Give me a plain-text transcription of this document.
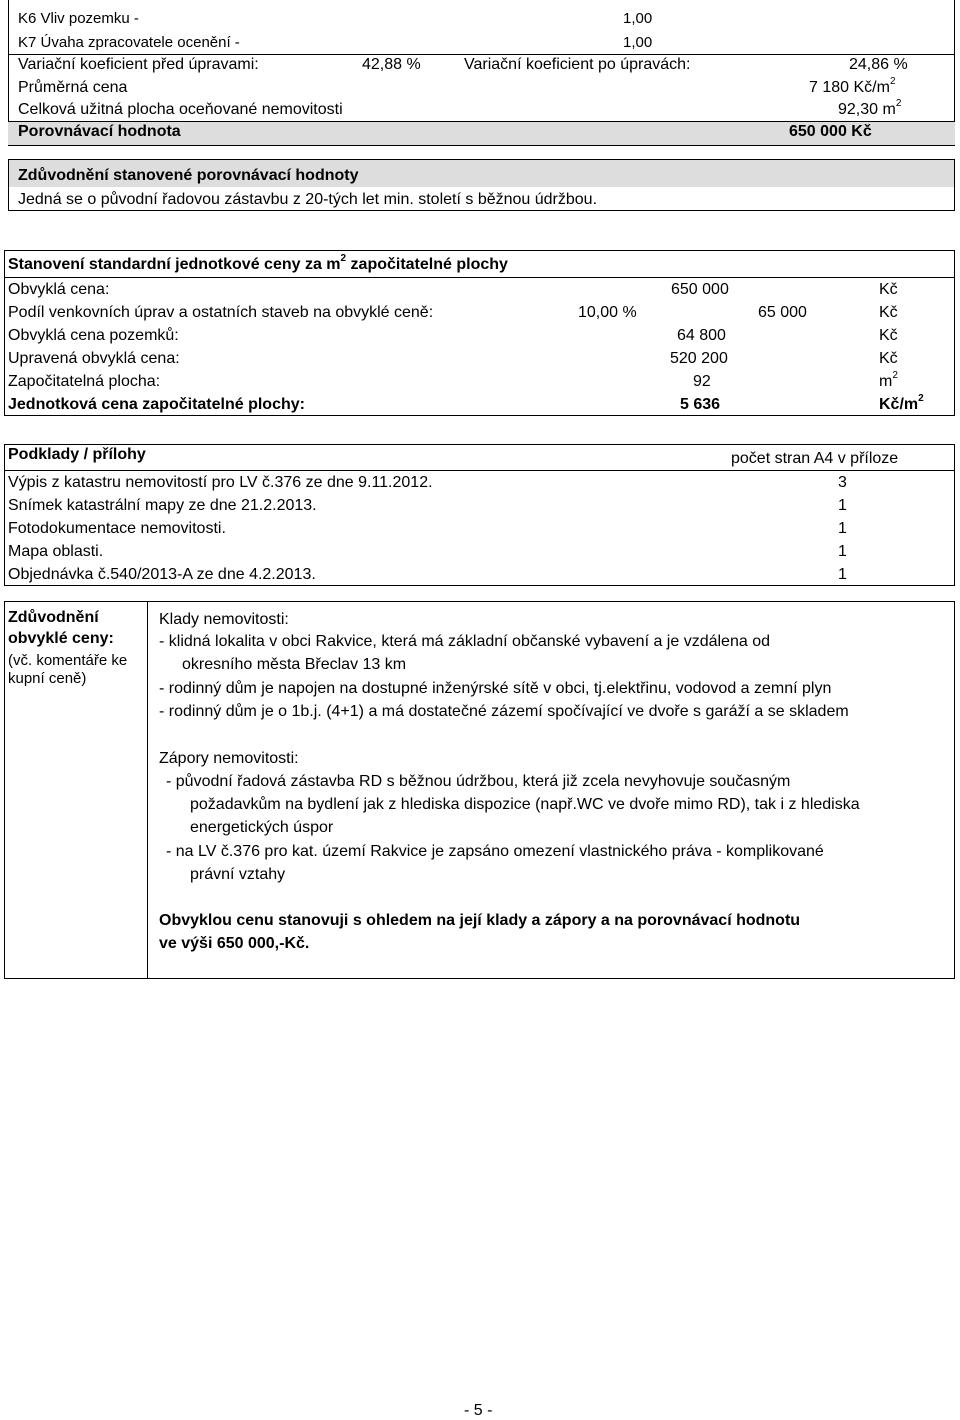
K6 Vliv pozemku -	1,00
K7 Úvaha zpracovatele ocenění -	1,00
Variační koeficient před úpravami:	42,88 %	Variační koeficient po úpravách:	24,86 %
Průměrná cena	7 180 $Kč/m^2$
Celková užitná plocha oceňované nemovitosti	92,30 $m^2$
Porovnávací hodnota	650 000 Kč
Zdůvodnění stanovené porovnávací hodnoty
Jedná se o původní řadovou zástavbu z 20-tých let min. století s běžnou údržbou.
Stanovení standardní jednotkové ceny za $m^2$ započitatelné plochy
Obvyklá cena:	650 000	Kč
Podíl venkovních úprav a ostatních staveb na obvyklé ceně:	10,00 %	65 000	Kč
Obvyklá cena pozemků:	64 800	Kč
Upravená obvyklá cena:	520 200	Kč
Započitatelná plocha:	92	$m^2$
Jednotková cena započitatelné plochy:	5 636	$Kč/m^2$
Podklady / přílohy	počet stran A4 v příloze
Výpis z katastru nemovitostí pro LV č.376 ze dne 9.11.2012.	3
Snímek katastrální mapy ze dne 21.2.2013.	1
Fotodokumentace nemovitosti.	1
Mapa oblasti.	1
Objednávka č.540/2013-A ze dne 4.2.2013.	1
Zdůvodnění
obvyklé ceny:
(vč. komentáře ke
kupní ceně)
Klady nemovitosti:
- klidná lokalita v obci Rakvice, která má základní občanské vybavení a je vzdálena od
okresního města Břeclav 13 km
- rodinný dům je napojen na dostupné inženýrské sítě v obci, tj.elektřinu, vodovod a zemní plyn
- rodinný dům je o 1b.j. (4+1) a má dostatečné zázemí spočívající ve dvoře s garáží a se skladem
Zápory nemovitosti:
- původní řadová zástavba RD s běžnou údržbou, která již zcela nevyhovuje současným
požadavkům na bydlení jak z hlediska dispozice (např.WC ve dvoře mimo RD), tak i z hlediska
energetických úspor
- na LV č.376 pro kat. území Rakvice je zapsáno omezení vlastnického práva - komplikované
právní vztahy
Obvyklou cenu stanovuji s ohledem na její klady a zápory a na porovnávací hodnotu
ve výši 650 000,-Kč.
- 5 -
